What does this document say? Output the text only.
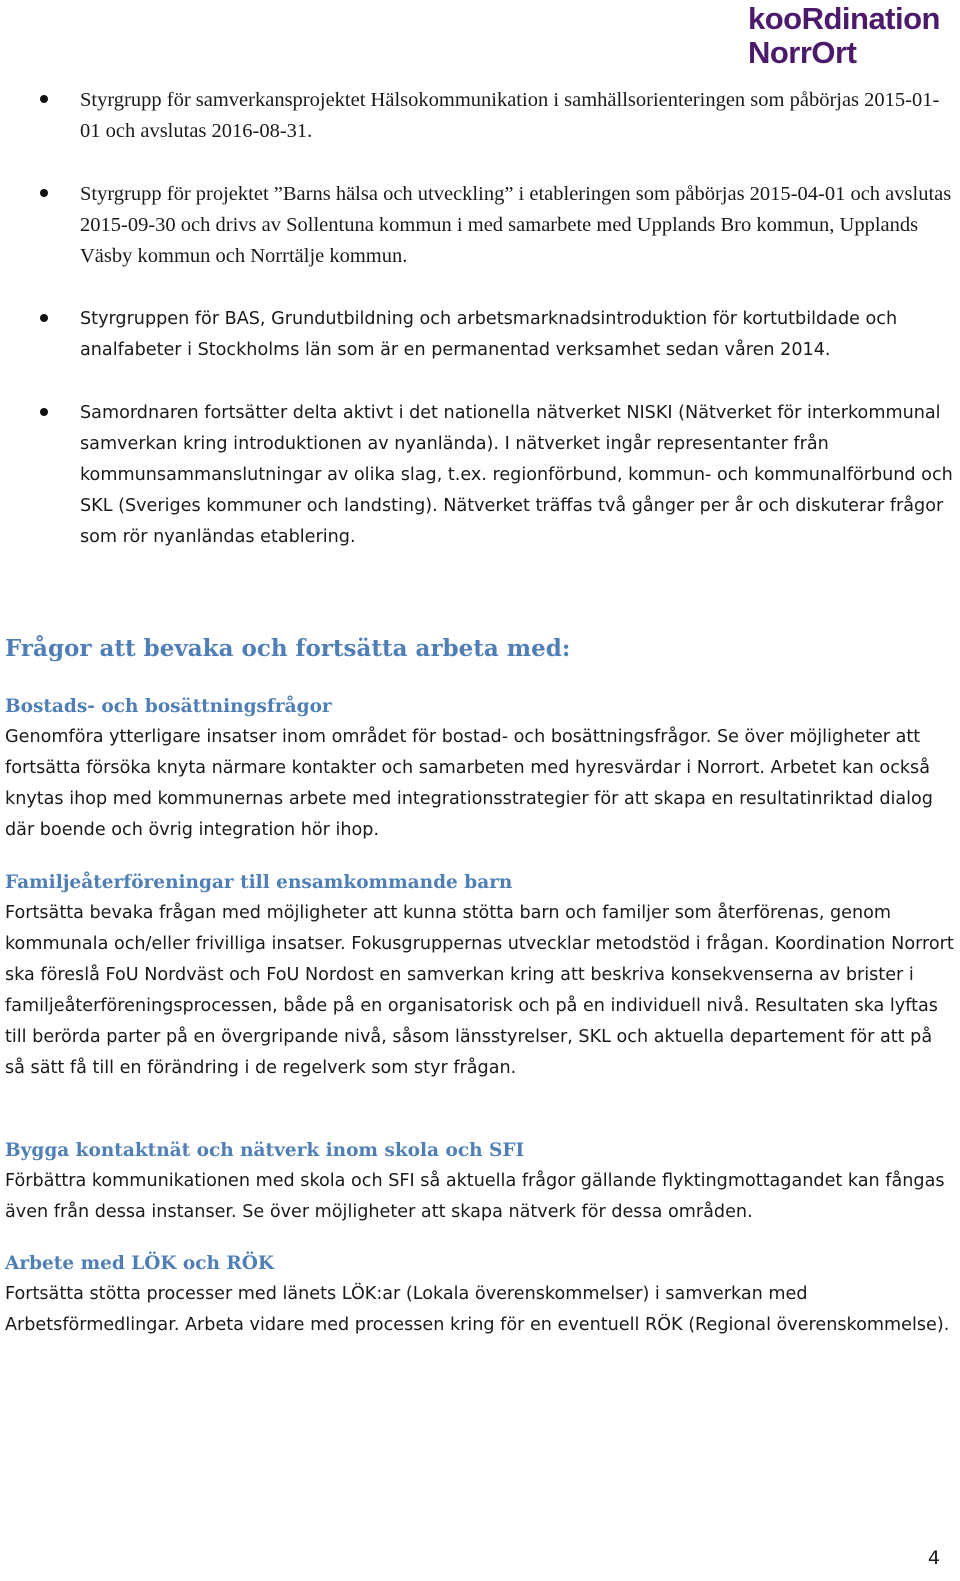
kooRdination
NorrOrt
Styrgrupp för samverkansprojektet Hälsokommunikation i samhällsorienteringen som påbörjas 2015-01-01 och avslutas 2016-08-31.
Styrgrupp för projektet ”Barns hälsa och utveckling” i etableringen som påbörjas 2015-04-01 och avslutas 2015-09-30 och drivs av Sollentuna kommun i med samarbete med Upplands Bro kommun, Upplands Väsby kommun och Norrtälje kommun.
Styrgruppen för BAS, Grundutbildning och arbetsmarknadsintroduktion för kortutbildade och analfabeter i Stockholms län som är en permanentad verksamhet sedan våren 2014.
Samordnaren fortsätter delta aktivt i det nationella nätverket NISKI (Nätverket för interkommunal samverkan kring introduktionen av nyanlända). I nätverket ingår representanter från kommunsammanslutningar av olika slag, t.ex. regionförbund, kommun- och kommunalförbund och SKL (Sveriges kommuner och landsting). Nätverket träffas två gånger per år och diskuterar frågor som rör nyanländas etablering.
Frågor att bevaka och fortsätta arbeta med:
Bostads- och bosättningsfrågor

Genomföra ytterligare insatser inom området för bostad- och bosättningsfrågor. Se över möjligheter att fortsätta försöka knyta närmare kontakter och samarbeten med hyresvärdar i Norrort. Arbetet kan också knytas ihop med kommunernas arbete med integrationsstrategier för att skapa en resultatinriktad dialog där boende och övrig integration hör ihop.

Familjeåterföreningar till ensamkommande barn

Fortsätta bevaka frågan med möjligheter att kunna stötta barn och familjer som återförenas, genom kommunala och/eller frivilliga insatser. Fokusgruppernas utvecklar metodstöd i frågan. Koordination Norrort ska föreslå FoU Nordväst och FoU Nordost en samverkan kring att beskriva konsekvenserna av brister i familjeåterföreningsprocessen, både på en organisatorisk och på en individuell nivå. Resultaten ska lyftas till berörda parter på en övergripande nivå, såsom länsstyrelser, SKL och aktuella departement för att på så sätt få till en förändring i de regelverk som styr frågan.

Bygga kontaktnät och nätverk inom skola och SFI

Förbättra kommunikationen med skola och SFI så aktuella frågor gällande flyktingmottagandet kan fångas även från dessa instanser. Se över möjligheter att skapa nätverk för dessa områden.

Arbete med LÖK och RÖK

Fortsätta stötta processer med länets LÖK:ar (Lokala överenskommelser) i samverkan med Arbetsförmedlingar. Arbeta vidare med processen kring för en eventuell RÖK (Regional överenskommelse).

4
